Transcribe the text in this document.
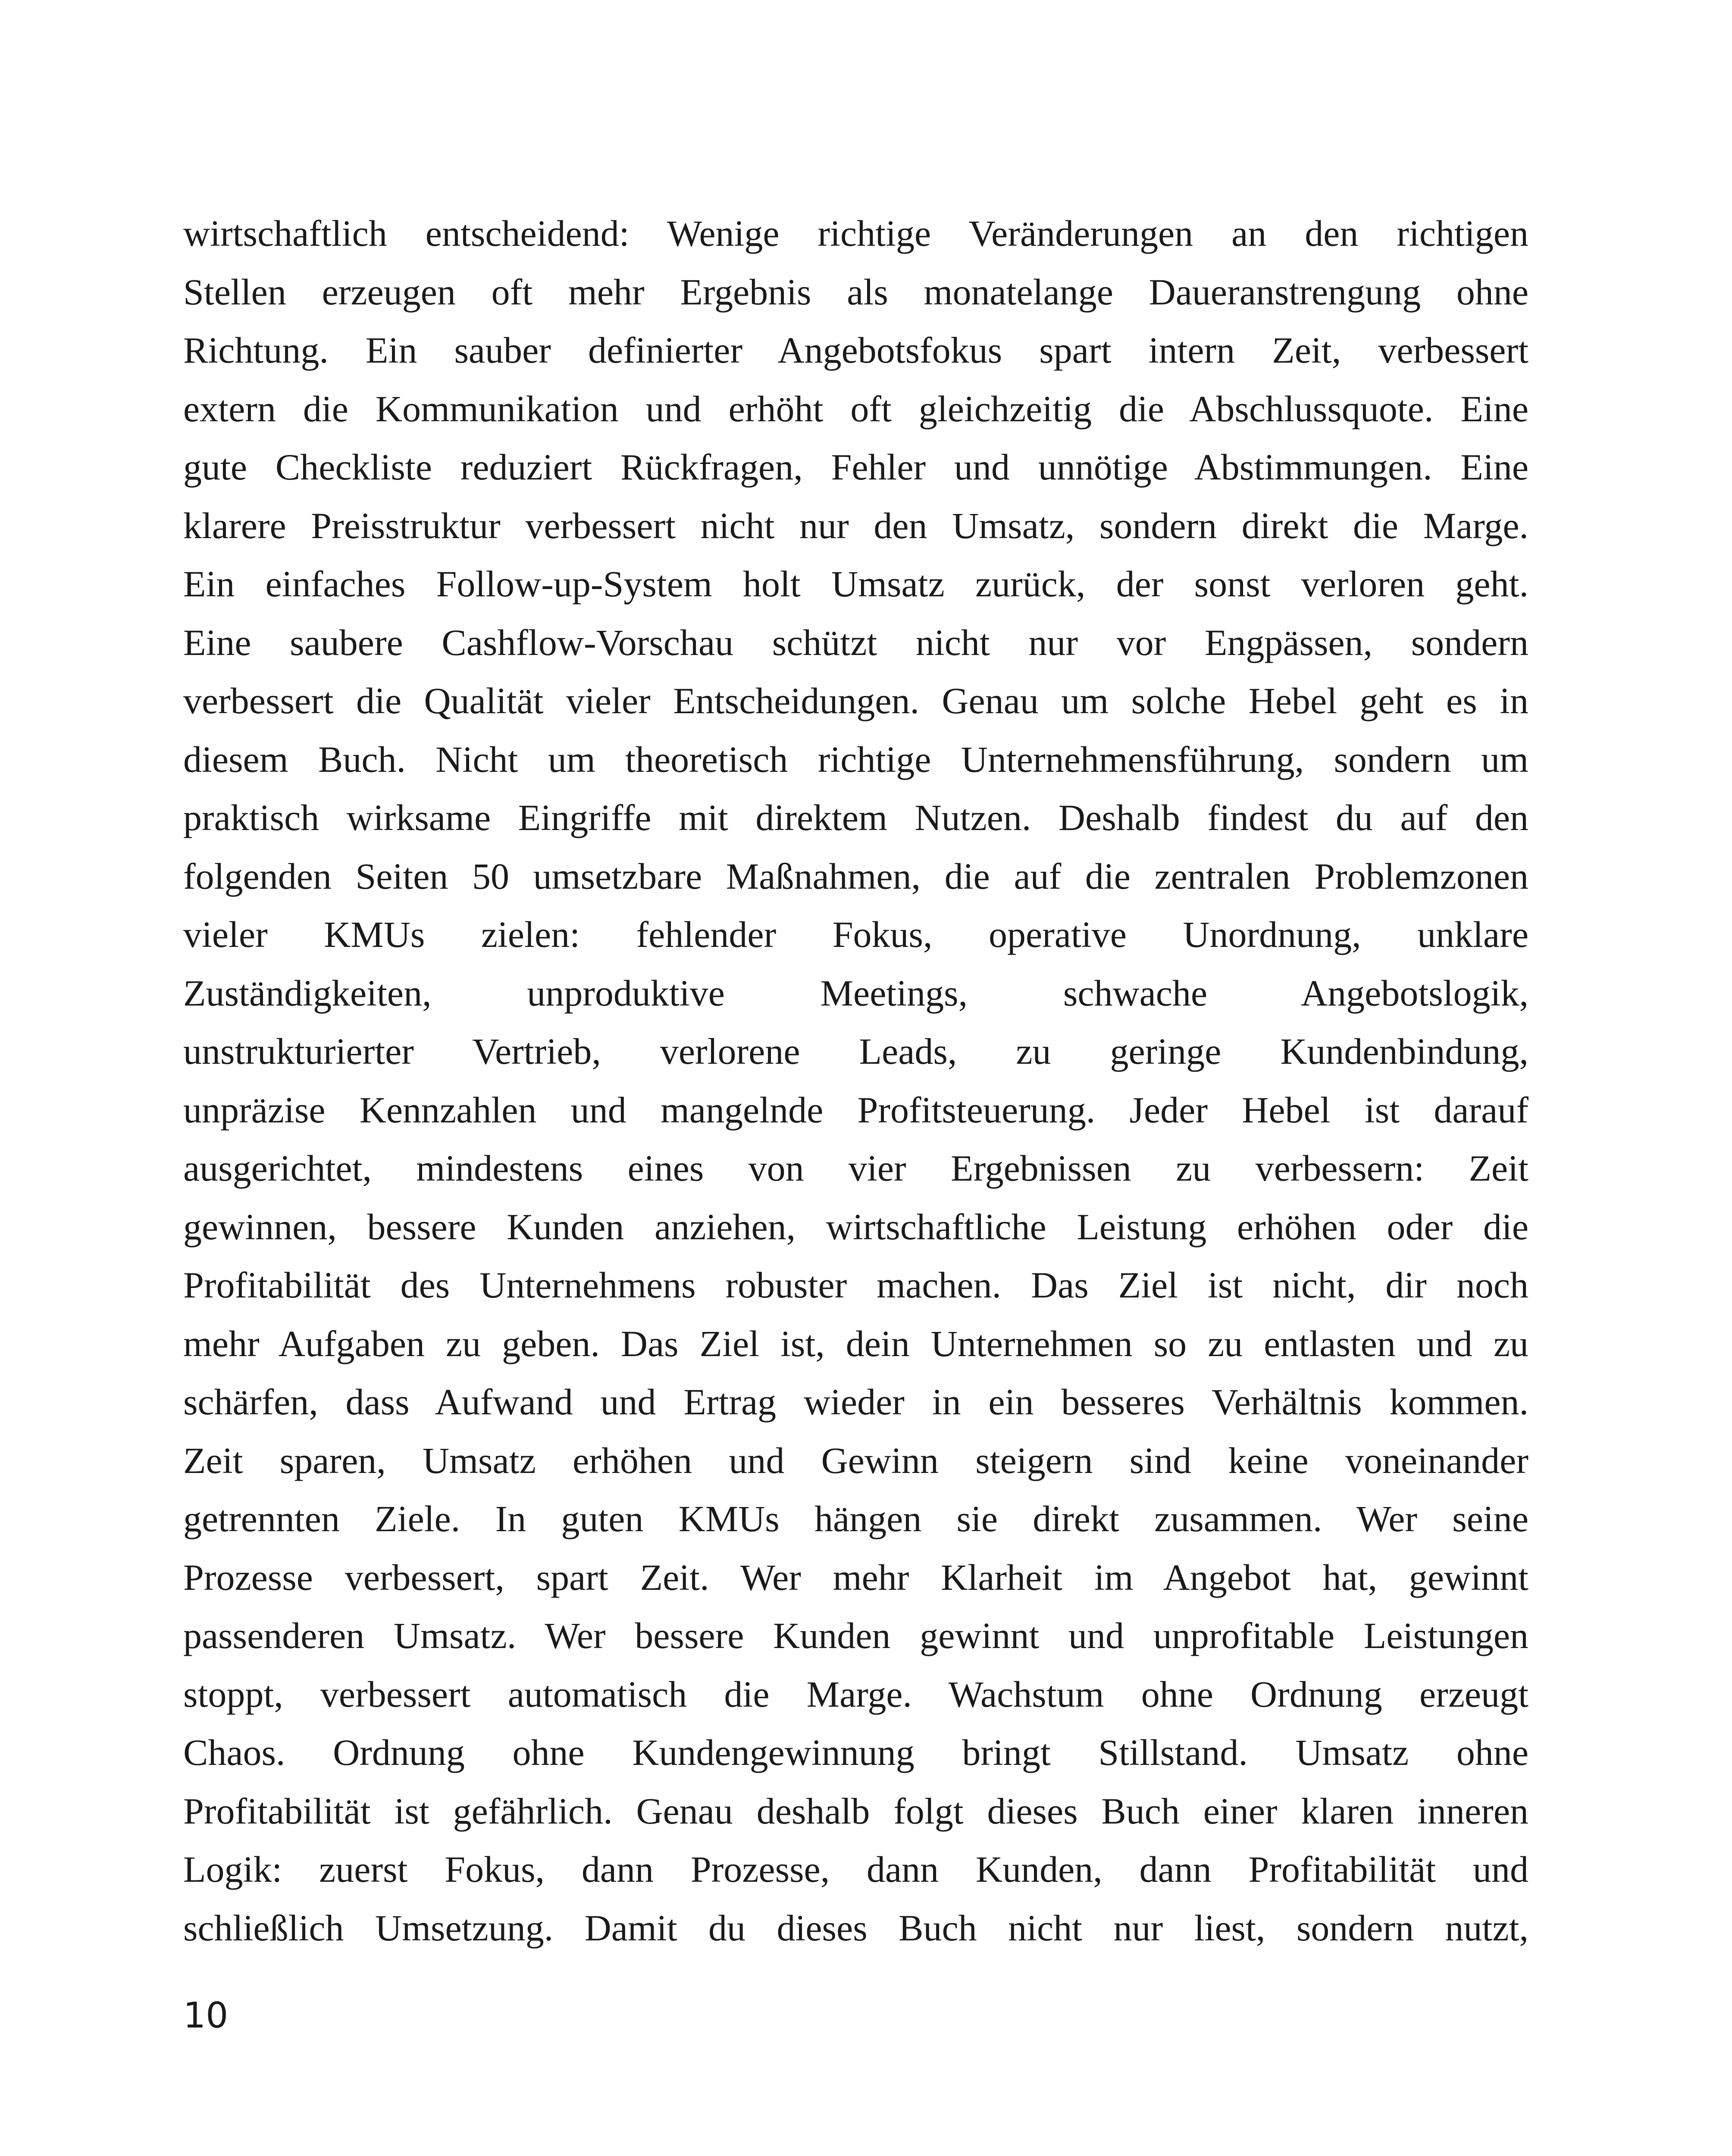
wirtschaftlich entscheidend: Wenige richtige Veränderungen an den richtigen
Stellen erzeugen oft mehr Ergebnis als monatelange Daueranstrengung ohne
Richtung. Ein sauber definierter Angebotsfokus spart intern Zeit, verbessert
extern die Kommunikation und erhöht oft gleichzeitig die Abschlussquote. Eine
gute Checkliste reduziert Rückfragen, Fehler und unnötige Abstimmungen. Eine
klarere Preisstruktur verbessert nicht nur den Umsatz, sondern direkt die Marge.
Ein einfaches Follow-up-System holt Umsatz zurück, der sonst verloren geht.
Eine saubere Cashflow-Vorschau schützt nicht nur vor Engpässen, sondern
verbessert die Qualität vieler Entscheidungen. Genau um solche Hebel geht es in
diesem Buch. Nicht um theoretisch richtige Unternehmensführung, sondern um
praktisch wirksame Eingriffe mit direktem Nutzen. Deshalb findest du auf den
folgenden Seiten 50 umsetzbare Maßnahmen, die auf die zentralen Problemzonen
vieler KMUs zielen: fehlender Fokus, operative Unordnung, unklare
Zuständigkeiten, unproduktive Meetings, schwache Angebotslogik,
unstrukturierter Vertrieb, verlorene Leads, zu geringe Kundenbindung,
unpräzise Kennzahlen und mangelnde Profitsteuerung. Jeder Hebel ist darauf
ausgerichtet, mindestens eines von vier Ergebnissen zu verbessern: Zeit
gewinnen, bessere Kunden anziehen, wirtschaftliche Leistung erhöhen oder die
Profitabilität des Unternehmens robuster machen. Das Ziel ist nicht, dir noch
mehr Aufgaben zu geben. Das Ziel ist, dein Unternehmen so zu entlasten und zu
schärfen, dass Aufwand und Ertrag wieder in ein besseres Verhältnis kommen.
Zeit sparen, Umsatz erhöhen und Gewinn steigern sind keine voneinander
getrennten Ziele. In guten KMUs hängen sie direkt zusammen. Wer seine
Prozesse verbessert, spart Zeit. Wer mehr Klarheit im Angebot hat, gewinnt
passenderen Umsatz. Wer bessere Kunden gewinnt und unprofitable Leistungen
stoppt, verbessert automatisch die Marge. Wachstum ohne Ordnung erzeugt
Chaos. Ordnung ohne Kundengewinnung bringt Stillstand. Umsatz ohne
Profitabilität ist gefährlich. Genau deshalb folgt dieses Buch einer klaren inneren
Logik: zuerst Fokus, dann Prozesse, dann Kunden, dann Profitabilität und
schließlich Umsetzung. Damit du dieses Buch nicht nur liest, sondern nutzt,
10
